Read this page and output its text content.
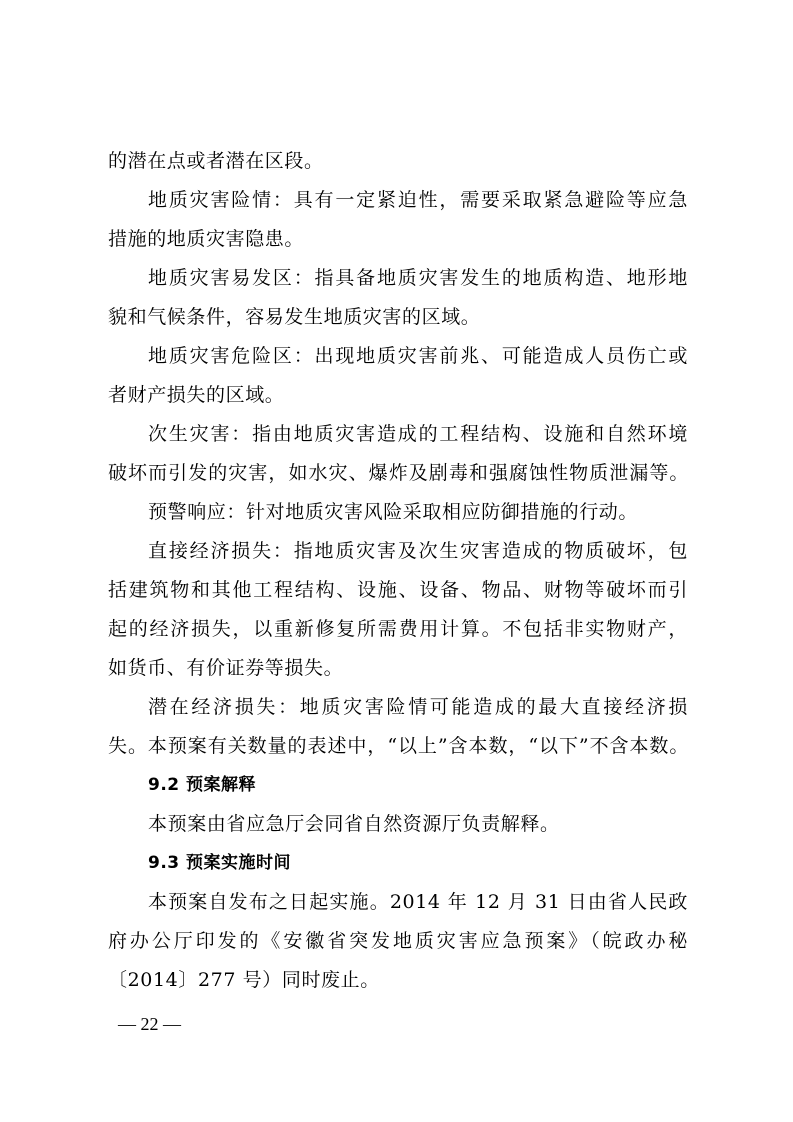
的潜在点或者潜在区段。
地质灾害险情：具有一定紧迫性，需要采取紧急避险等应急
措施的地质灾害隐患。
地质灾害易发区：指具备地质灾害发生的地质构造、地形地
貌和气候条件，容易发生地质灾害的区域。
地质灾害危险区：出现地质灾害前兆、可能造成人员伤亡或
者财产损失的区域。
次生灾害：指由地质灾害造成的工程结构、设施和自然环境
破坏而引发的灾害，如水灾、爆炸及剧毒和强腐蚀性物质泄漏等。
预警响应：针对地质灾害风险采取相应防御措施的行动。
直接经济损失：指地质灾害及次生灾害造成的物质破坏，包
括建筑物和其他工程结构、设施、设备、物品、财物等破坏而引
起的经济损失，以重新修复所需费用计算。不包括非实物财产，
如货币、有价证券等损失。
潜在经济损失：地质灾害险情可能造成的最大直接经济损
失。本预案有关数量的表述中，“以上”含本数，“以下”不含本数。
9.2 预案解释
本预案由省应急厅会同省自然资源厅负责解释。
9.3 预案实施时间
本预案自发布之日起实施。2014 年 12 月 31 日由省人民政
府办公厅印发的《安徽省突发地质灾害应急预案》（皖政办秘
〔2014〕277 号）同时废止。
— 22 —
